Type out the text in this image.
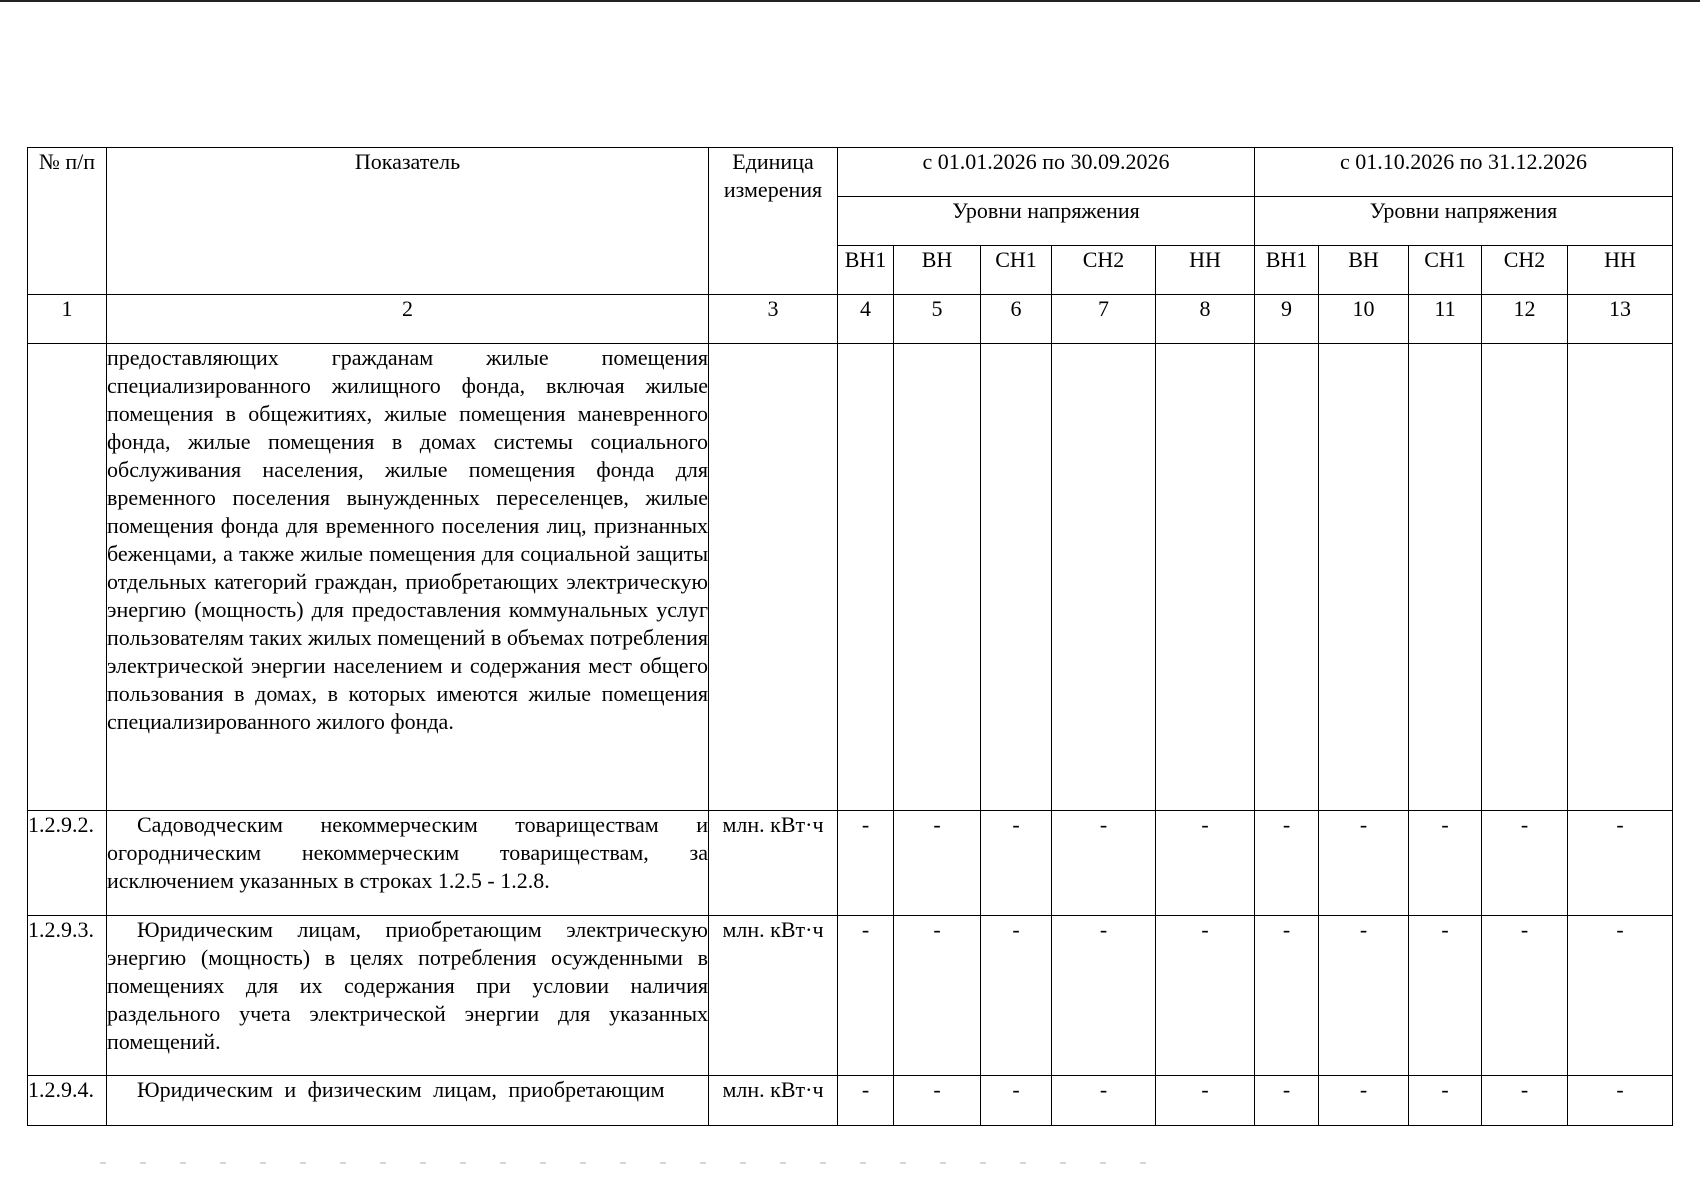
№ п/п	Показатель	Единица измерения	с 01.01.2026 по 30.09.2026					с 01.10.2026 по 31.12.2026				
			Уровни напряжения					Уровни напряжения				
			ВН1	ВН	СН1	СН2	НН	ВН1	ВН	СН1	СН2	НН
1	2	3	4	5	6	7	8	9	10	11	12	13
	предоставляющих гражданам жилые помещения специализированного жилищного фонда, включая жилые помещения в общежитиях, жилые помещения маневренного фонда, жилые помещения в домах системы социального обслуживания населения, жилые помещения фонда для временного поселения вынужденных переселенцев, жилые помещения фонда для временного поселения лиц, признанных беженцами, а также жилые помещения для социальной защиты отдельных категорий граждан, приобретающих электрическую энергию (мощность) для предоставления коммунальных услуг пользователям таких жилых помещений в объемах потребления электрической энергии населением и содержания мест общего пользования в домах, в которых имеются жилые помещения специализированного жилого фонда.											
1.2.9.2.	Садоводческим некоммерческим товариществам и огородническим некоммерческим товариществам, за исключением указанных в строках 1.2.5 - 1.2.8.	млн. кВт·ч	-	-	-	-	-	-	-	-	-	-
1.2.9.3.	Юридическим лицам, приобретающим электрическую энергию (мощность) в целях потребления осужденными в помещениях для их содержания при условии наличия раздельного учета электрической энергии для указанных помещений.	млн. кВт·ч	-	-	-	-	-	-	-	-	-	-
1.2.9.4.	Юридическим и физическим лицам, приобретающим	млн. кВт·ч	-	-	-	-	-	-	-	-	-	-
